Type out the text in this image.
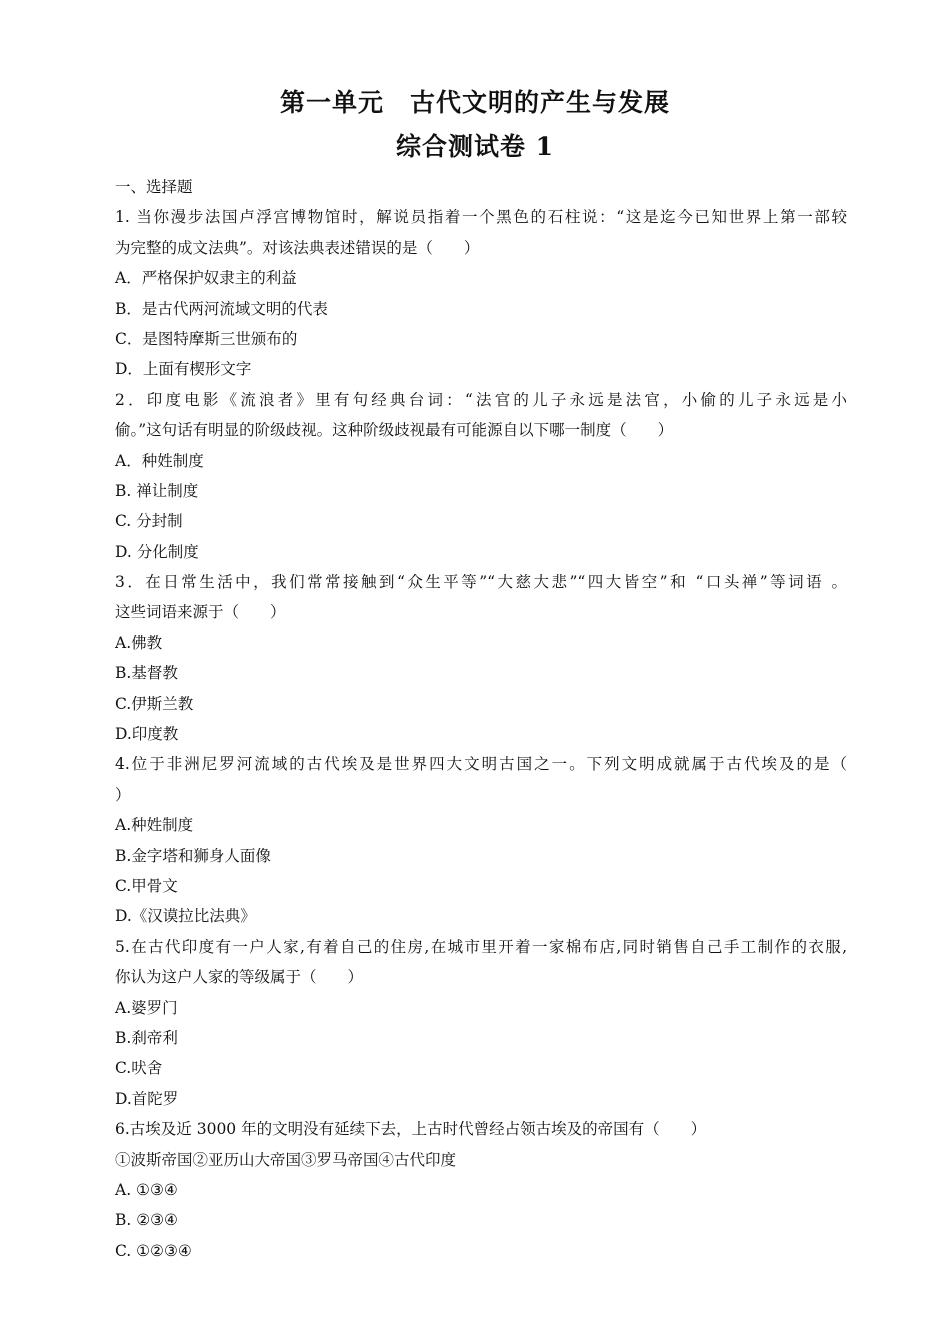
第一单元　古代文明的产生与发展
综合测试卷 1
一、选择题
1. 当你漫步法国卢浮宫博物馆时，解说员指着一个黑色的石柱说：“这是迄今已知世界上第一部较
为完整的成文法典”。对该法典表述错误的是（　　）
A．严格保护奴隶主的利益
B．是古代两河流域文明的代表
C．是图特摩斯三世颁布的
D．上面有楔形文字
2．印度电影《流浪者》里有句经典台词：“法官的儿子永远是法官，小偷的儿子永远是小
偷。”这句话有明显的阶级歧视。这种阶级歧视最有可能源自以下哪一制度（　　）
A．种姓制度
B. 禅让制度
C. 分封制
D. 分化制度
3．在日常生活中，我们常常接触到“众生平等”“大慈大悲”“四大皆空”和 “口头禅”等词语 。
这些词语来源于（　　）
A.佛教
B.基督教
C.伊斯兰教
D.印度教
4.位于非洲尼罗河流域的古代埃及是世界四大文明古国之一。下列文明成就属于古代埃及的是（
）
A.种姓制度
B.金字塔和狮身人面像
C.甲骨文
D.《汉谟拉比法典》
5.在古代印度有一户人家,有着自己的住房,在城市里开着一家棉布店,同时销售自己手工制作的衣服,
你认为这户人家的等级属于（　　）
A.婆罗门
B.刹帝利
C.吠舍
D.首陀罗
6.古埃及近 3000 年的文明没有延续下去，上古时代曾经占领古埃及的帝国有（　　）
①波斯帝国②亚历山大帝国③罗马帝国④古代印度
A. ①③④
B. ②③④
C. ①②③④
